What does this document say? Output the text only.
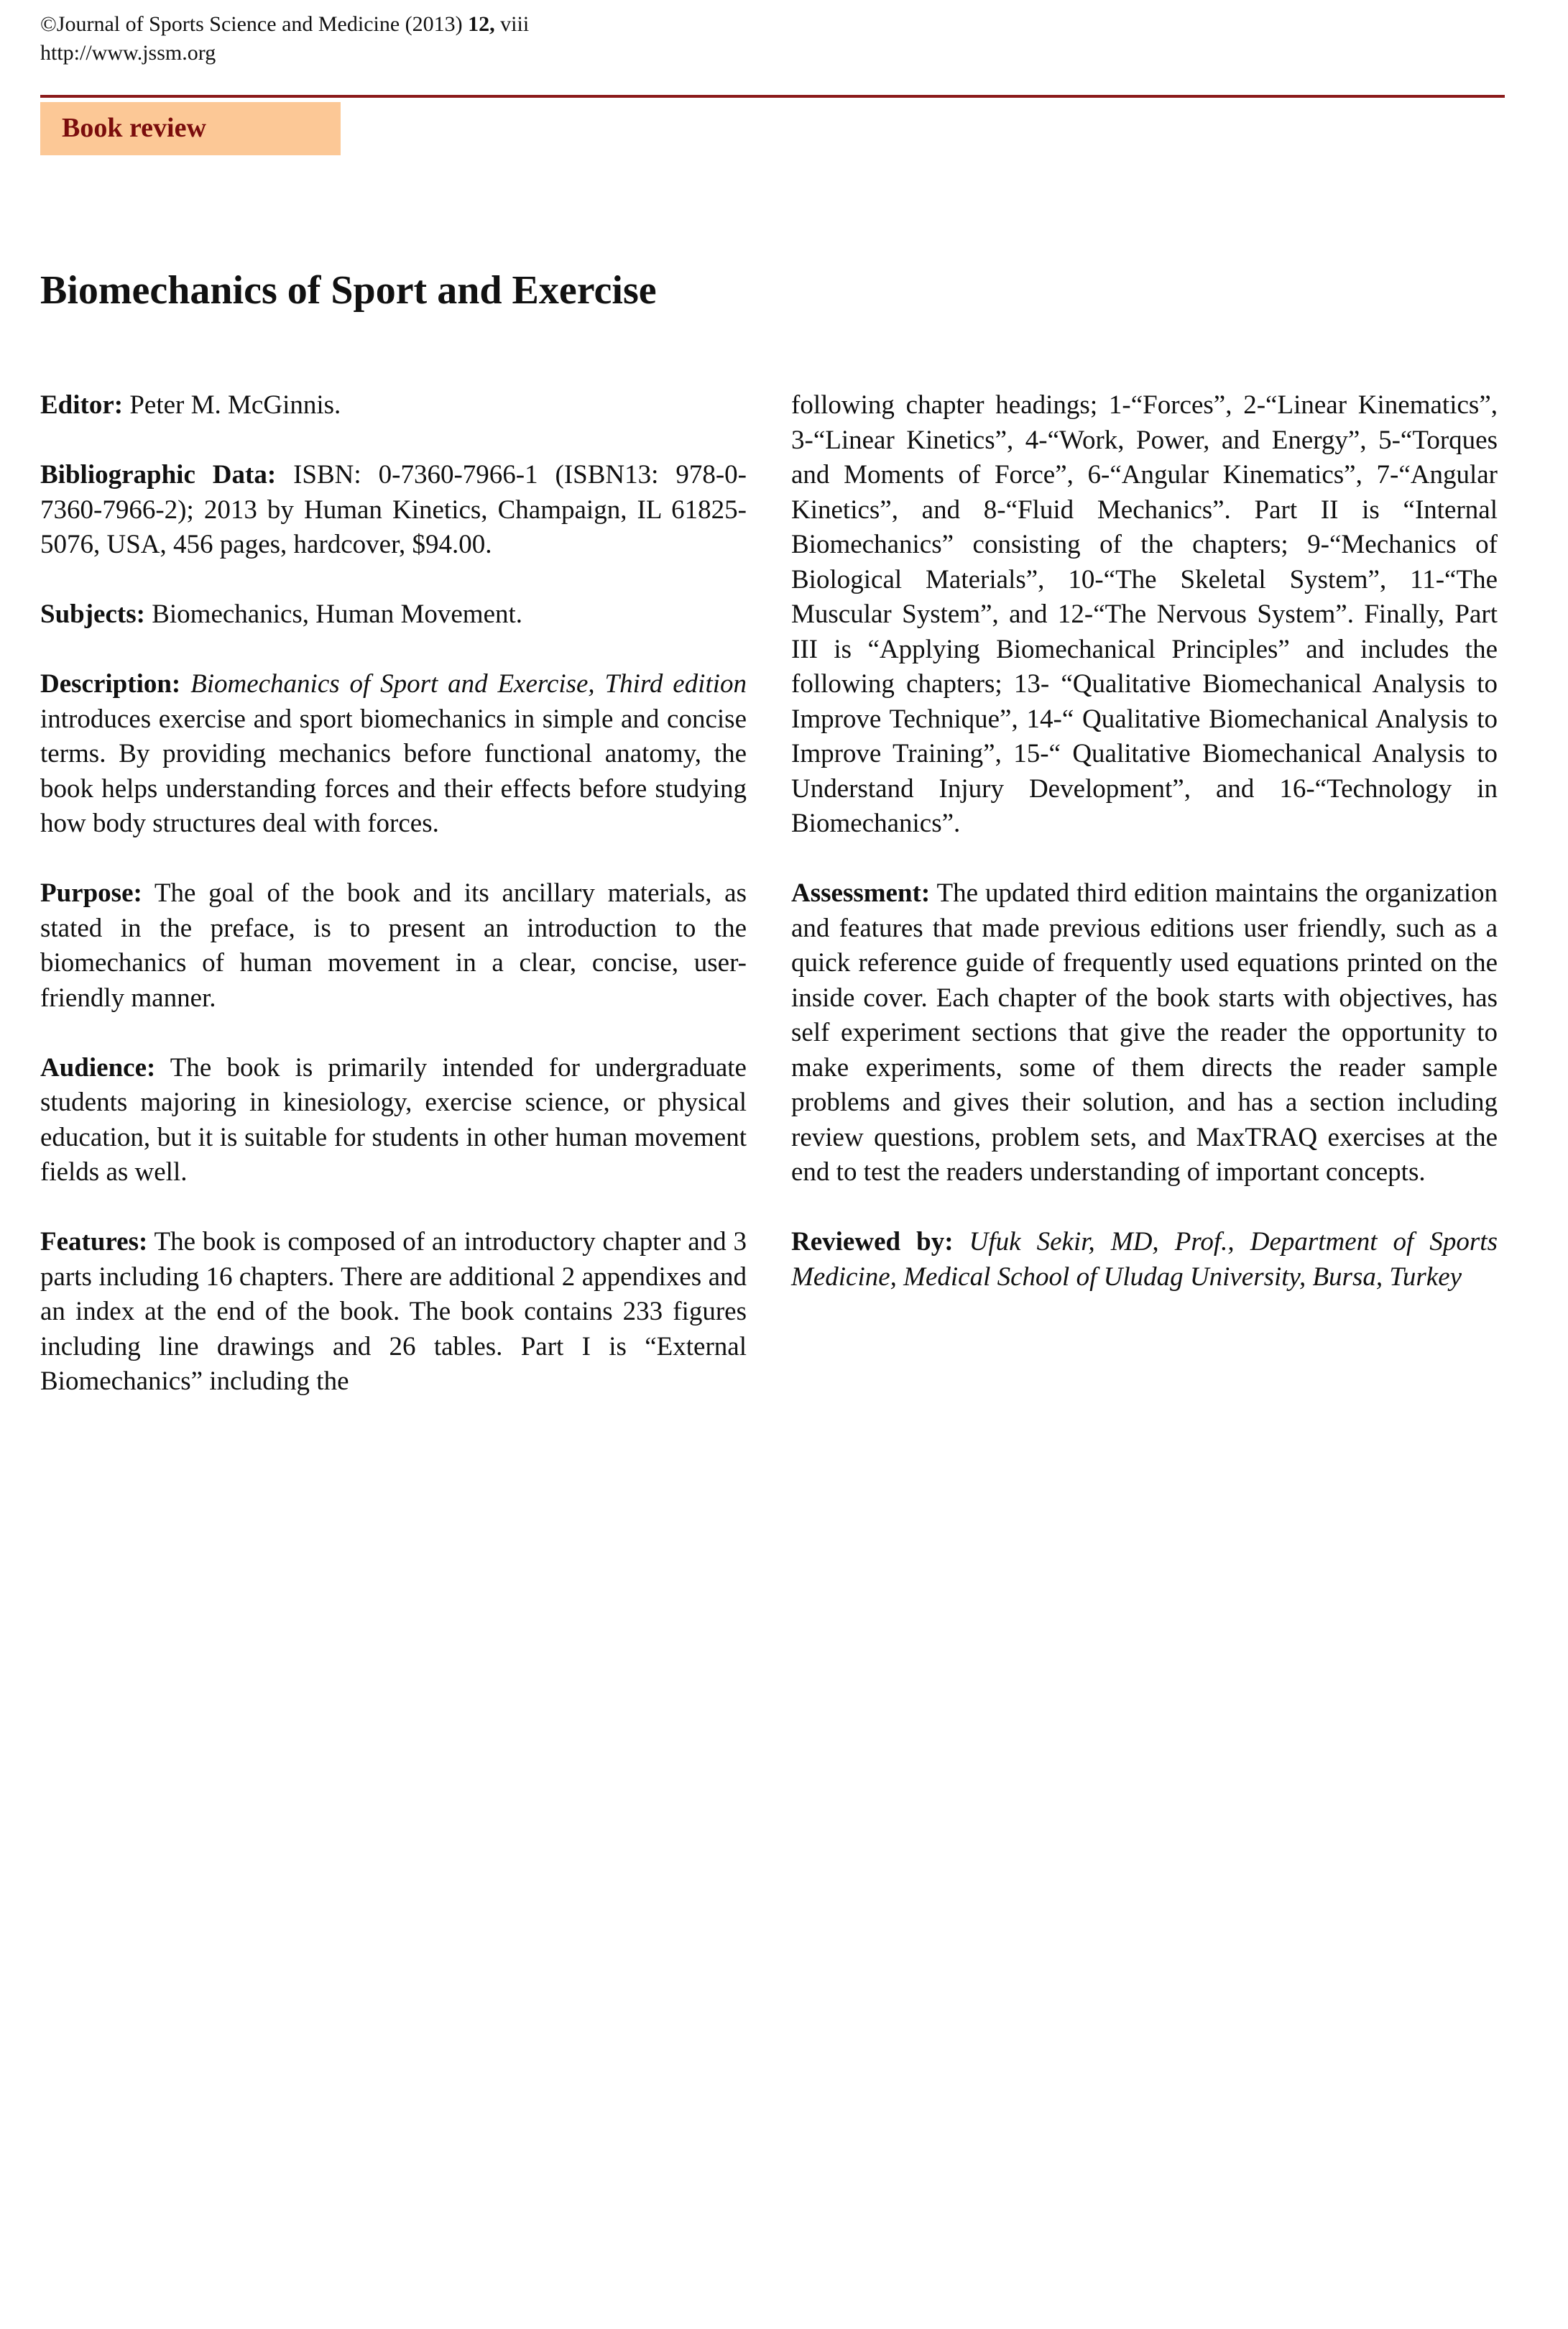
©Journal of Sports Science and Medicine (2013) 12, viii
http://www.jssm.org
Book review
Biomechanics of Sport and Exercise

Editor: Peter M. McGinnis.

Bibliographic Data: ISBN: 0-7360-7966-1 (ISBN13: 978-0-7360-7966-2); 2013 by Human Kinetics, Champaign, IL 61825-5076, USA, 456 pages, hardcover, $94.00.

Subjects: Biomechanics, Human Movement.

Description: Biomechanics of Sport and Exercise, Third edition introduces exercise and sport biomechanics in simple and concise terms. By providing mechanics before functional anatomy, the book helps understanding forces and their effects before studying how body structures deal with forces.

Purpose: The goal of the book and its ancillary materials, as stated in the preface, is to present an introduction to the biomechanics of human movement in a clear, concise, user-friendly manner.

Audience: The book is primarily intended for undergraduate students majoring in kinesiology, exercise science, or physical education, but it is suitable for students in other human movement fields as well.

Features: The book is composed of an introductory chapter and 3 parts including 16 chapters. There are additional 2 appendixes and an index at the end of the book. The book contains 233 figures including line drawings and 26 tables. Part I is “External Biomechanics” including the

following chapter headings; 1-“Forces”, 2-“Linear Kinematics”, 3-“Linear Kinetics”, 4-“Work, Power, and Energy”, 5-“Torques and Moments of Force”, 6-“Angular Kinematics”, 7-“Angular Kinetics”, and 8-“Fluid Mechanics”. Part II is “Internal Biomechanics” consisting of the chapters; 9-“Mechanics of Biological Materials”, 10-“The Skeletal System”, 11-“The Muscular System”, and 12-“The Nervous System”. Finally, Part III is “Applying Biomechanical Principles” and includes the following chapters; 13- “Qualitative Biomechanical Analysis to Improve Technique”, 14-“ Qualitative Biomechanical Analysis to Improve Training”, 15-“ Qualitative Biomechanical Analysis to Understand Injury Development”, and 16-“Technology in Biomechanics”.

Assessment: The updated third edition maintains the organization and features that made previous editions user friendly, such as a quick reference guide of frequently used equations printed on the inside cover. Each chapter of the book starts with objectives, has self experiment sections that give the reader the opportunity to make experiments, some of them directs the reader sample problems and gives their solution, and has a section including review questions, problem sets, and MaxTRAQ exercises at the end to test the readers understanding of important concepts.

Reviewed by: Ufuk Sekir, MD, Prof., Department of Sports Medicine, Medical School of Uludag University, Bursa, Turkey
